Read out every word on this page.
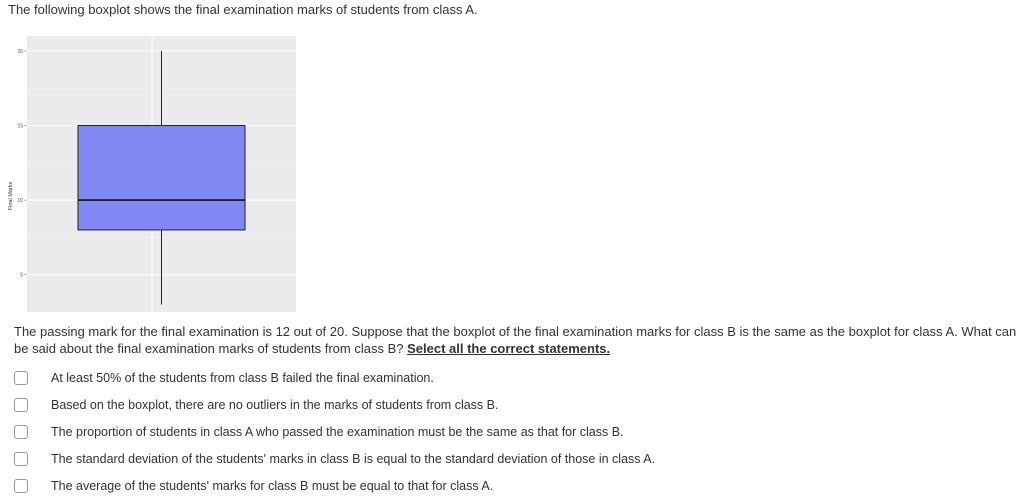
The following boxplot shows the final examination marks of students from class A.
5
10
15
20
Final Marks
The passing mark for the final examination is 12 out of 20. Suppose that the boxplot of the final examination marks for class B is the same as the boxplot for class A. What can be said about the final examination marks of students from class B? Select all the correct statements.
At least 50% of the students from class B failed the final examination.
Based on the boxplot, there are no outliers in the marks of students from class B.
The proportion of students in class A who passed the examination must be the same as that for class B.
The standard deviation of the students' marks in class B is equal to the standard deviation of those in class A.
The average of the students' marks for class B must be equal to that for class A.
